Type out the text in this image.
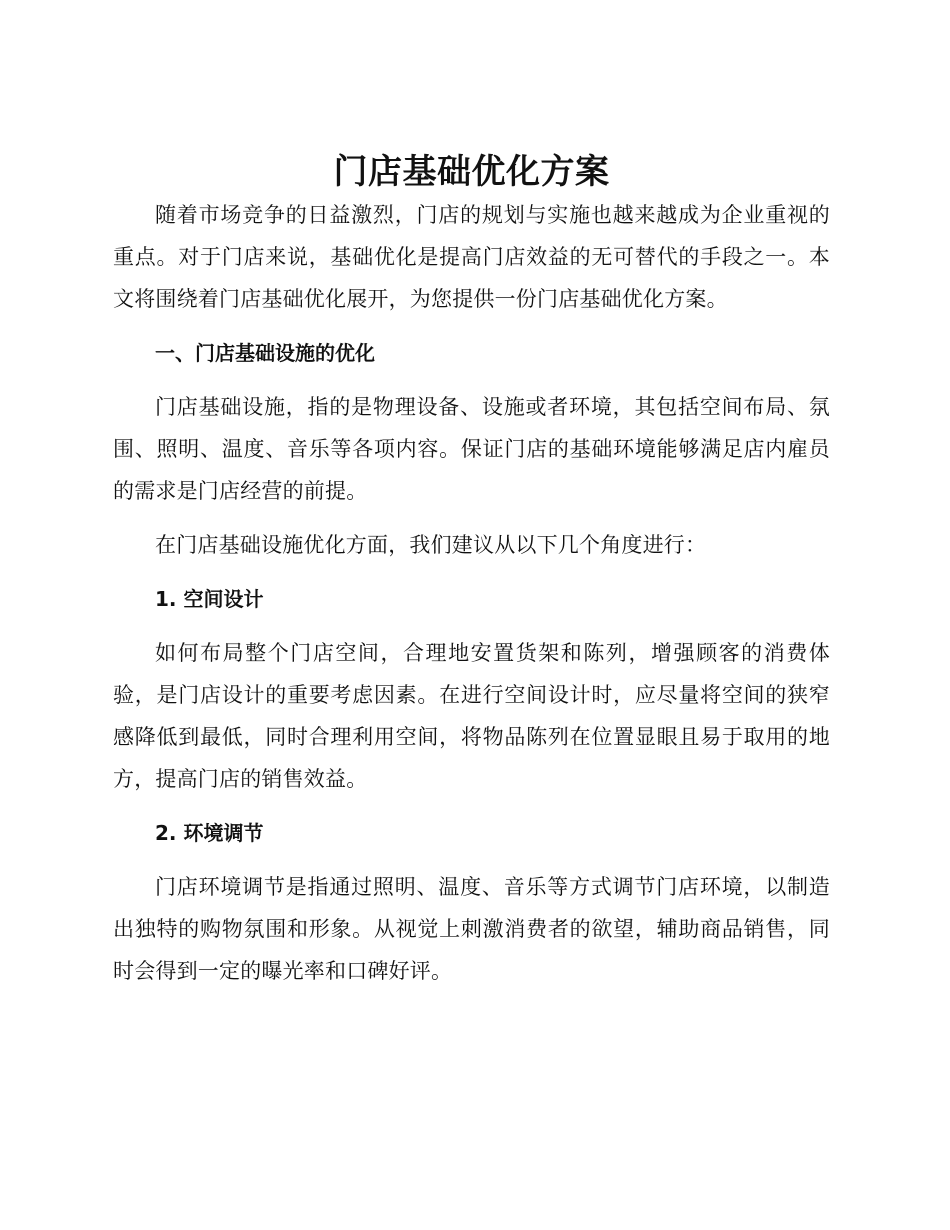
门店基础优化方案

随着市场竞争的日益激烈，门店的规划与实施也越来越成为企业重视的重点。对于门店来说，基础优化是提高门店效益的无可替代的手段之一。本文将围绕着门店基础优化展开，为您提供一份门店基础优化方案。

一、门店基础设施的优化

门店基础设施，指的是物理设备、设施或者环境，其包括空间布局、氛围、照明、温度、音乐等各项内容。保证门店的基础环境能够满足店内雇员的需求是门店经营的前提。

在门店基础设施优化方面，我们建议从以下几个角度进行：

1. 空间设计

如何布局整个门店空间，合理地安置货架和陈列，增强顾客的消费体验，是门店设计的重要考虑因素。在进行空间设计时，应尽量将空间的狭窄感降低到最低，同时合理利用空间，将物品陈列在位置显眼且易于取用的地方，提高门店的销售效益。

2. 环境调节

门店环境调节是指通过照明、温度、音乐等方式调节门店环境，以制造出独特的购物氛围和形象。从视觉上刺激消费者的欲望，辅助商品销售，同时会得到一定的曝光率和口碑好评。
